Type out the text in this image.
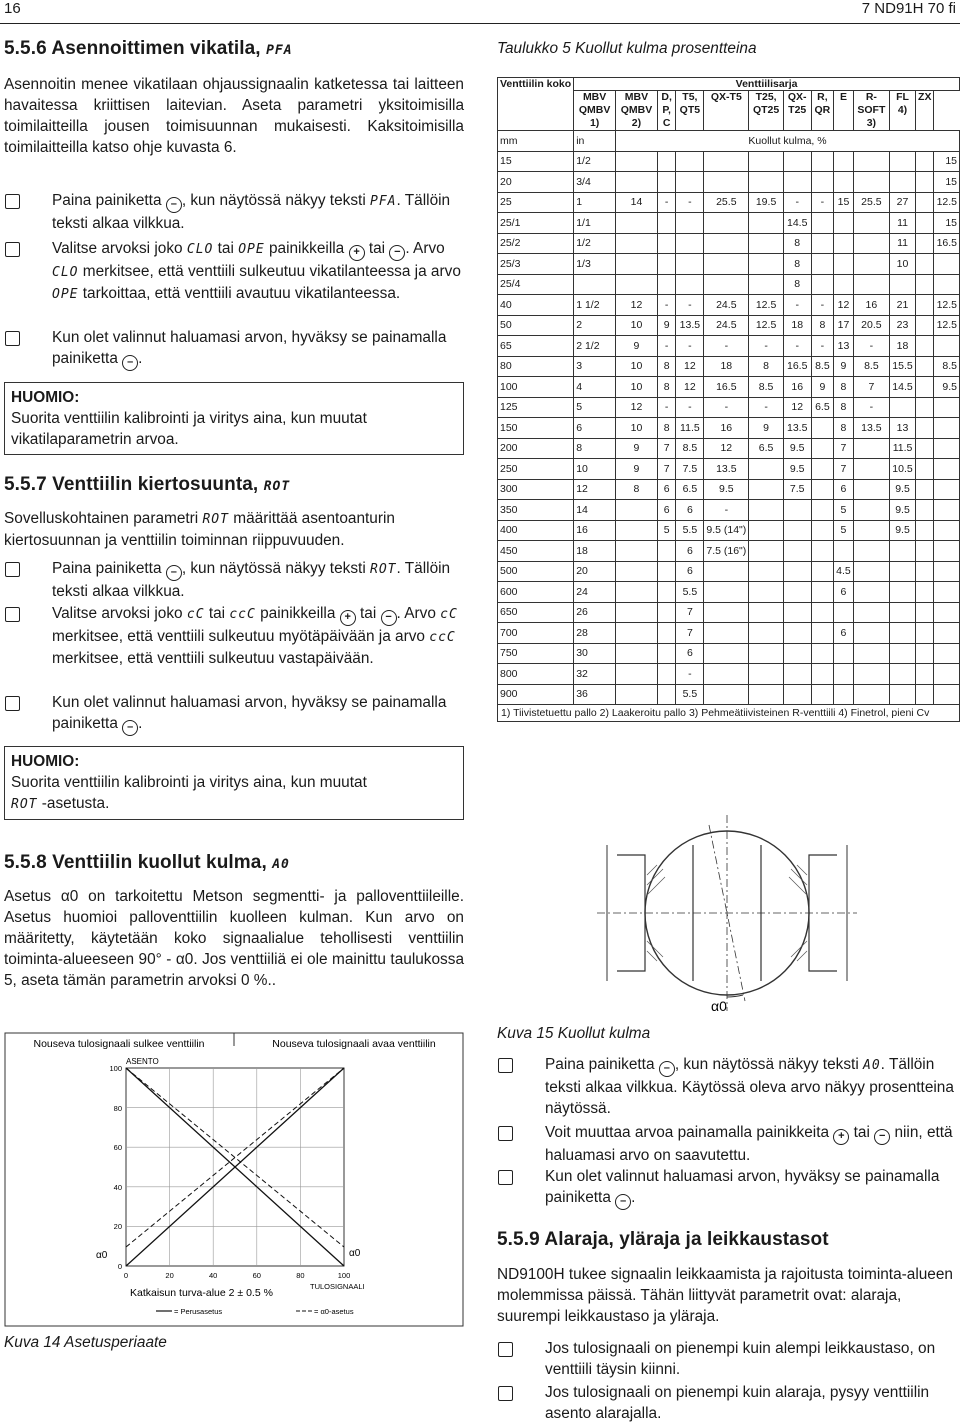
16	7 ND91H 70 fi
5.5.6 Asennoittimen vikatila, PFA

Asennoitin menee vikatilaan ohjaussignaalin katketessa tai laitteen havaitessa kriittisen laitevian. Aseta parametri yksitoimisilla toimilaitteilla jousen toimisuunnan mukaisesti. Kaksitoimisilla toimilaitteilla katso ohje kuvasta 6.

Paina painiketta – , kun näytössä näkyy teksti PFA. Tällöin teksti alkaa vilkkua.
Valitse arvoksi joko CLO tai OPE painikkeilla + tai − . Arvo CLO merkitsee, että venttiili sulkeutuu vikatilanteessa ja arvo OPE tarkoittaa, että venttiili avautuu vikatilanteessa.
Kun olet valinnut haluamasi arvon, hyväksy se painamalla painiketta – .
HUOMIO:
Suorita venttiilin kalibrointi ja viritys aina, kun muutat vikatilaparametrin arvoa.
5.5.7 Venttiilin kiertosuunta, ROT

Sovelluskohtainen parametri ROT määrittää asentoanturin kiertosuunnan ja venttiilin toiminnan riippuvuuden.

Paina painiketta – , kun näytössä näkyy teksti ROT. Tällöin teksti alkaa vilkkua.
Valitse arvoksi joko cC tai ccC painikkeilla + tai − . Arvo cC merkitsee, että venttiili sulkeutuu myötäpäivään ja arvo ccC merkitsee, että venttiili sulkeutuu vastapäivään.
Kun olet valinnut haluamasi arvon, hyväksy se painamalla painiketta – .
HUOMIO:
Suorita venttiilin kalibrointi ja viritys aina, kun muutat
ROT -asetusta.
5.5.8 Venttiilin kuollut kulma, A0

Asetus α0 on tarkoitettu Metson segmentti- ja palloventtiileille. Asetus huomioi palloventtiilin kuolleen kulman. Kun arvo on määritetty, käytetään koko signaalialue tehollisesti venttiilin toiminta-alueeseen 90° - α0. Jos venttiiliä ei ole mainittu taulukossa 5, aseta tämän parametrin arvoksi 0 %..

Nouseva tulosignaali sulkee venttiilin	Nouseva tulosignaali avaa venttiilin
ASENTO
100
80
60
40
20
0
0	20	40	60	80	100
α0	α0
TULOSIGNAALI
Katkaisun turva-alue 2 ± 0.5 %
= Perusasetus	= α0-asetus
Kuva 14 Asetusperiaate
Taulukko 5 Kuollut kulma prosentteina
Venttiilin koko	Venttiilisarja												
	MBV QMBV 1)	MBV QMBV 2)	D, P, C	T5, QT5	QX-T5	T25, QT25	QX-T25	R, QR	E	R-SOFT 3)	FL 4)	ZX	
mm	in	Kuollut kulma, %											
15	1/2												15
20	3/4												15
25	1	14	-	-	25.5	19.5	-	-	15	25.5	27		12.5
25/1	1/1						14.5				11		15
25/2	1/2						8				11		16.5
25/3	1/3						8				10		
25/4							8						
40	1 1/2	12	-	-	24.5	12.5	-	-	12	16	21		12.5
50	2	10	9	13.5	24.5	12.5	18	8	17	20.5	23		12.5
65	2 1/2	9	-	-	-	-	-	-	13	-	18		
80	3	10	8	12	18	8	16.5	8.5	9	8.5	15.5		8.5
100	4	10	8	12	16.5	8.5	16	9	8	7	14.5		9.5
125	5	12	-	-	-	-	12	6.5	8	-			
150	6	10	8	11.5	16	9	13.5		8	13.5	13		
200	8	9	7	8.5	12	6.5	9.5		7		11.5		
250	10	9	7	7.5	13.5		9.5		7		10.5		
300	12	8	6	6.5	9.5		7.5		6		9.5		
350	14		6	6	-				5		9.5		
400	16		5	5.5	9.5 (14")				5		9.5		
450	18			6	7.5 (16")								
500	20			6					4.5				
600	24			5.5					6				
650	26			7									
700	28			7					6				
750	30			6									
800	32			-									
900	36			5.5									
1) Tiivistetuettu pallo 2) Laakeroitu pallo 3) Pehmeätiivisteinen R-venttiili 4) Finetrol, pieni Cv													
α0
Kuva 15 Kuollut kulma
Paina painiketta – , kun näytössä näkyy teksti A0. Tällöin teksti alkaa vilkkua. Käytössä oleva arvo näkyy prosentteina näytössä.
Voit muuttaa arvoa painamalla painikkeita + tai − niin, että haluamasi arvo on saavutettu.
Kun olet valinnut haluamasi arvon, hyväksy se painamalla painiketta – .
5.5.9 Alaraja, yläraja ja leikkaustasot

ND9100H tukee signaalin leikkaamista ja rajoitusta toiminta-alueen molemmissa päissä. Tähän liittyvät parametrit ovat: alaraja, suurempi leikkaustaso ja yläraja.

Jos tulosignaali on pienempi kuin alempi leikkaustaso, on venttiili täysin kiinni.
Jos tulosignaali on pienempi kuin alaraja, pysyy venttiilin asento alarajalla.
